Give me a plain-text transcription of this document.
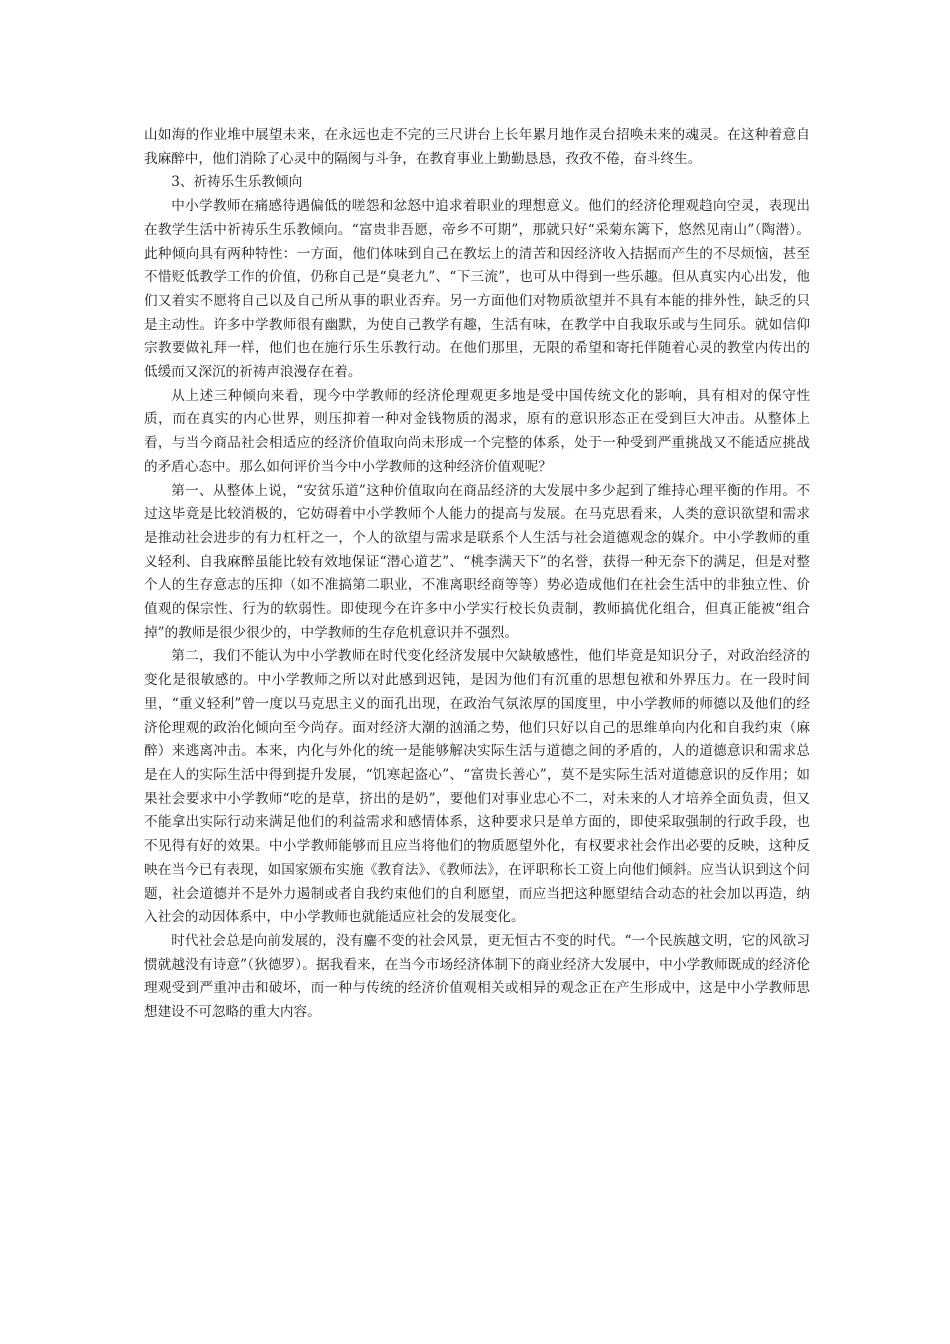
山如海的作业堆中展望未来，在永远也走不完的三尺讲台上长年累月地作灵台招唤未来的魂灵。在这种着意自我麻醉中，他们消除了心灵中的隔阂与斗争，在教育事业上勤勤恳恳，孜孜不倦，奋斗终生。

3、祈祷乐生乐教倾向

中小学教师在痛感待遇偏低的嗟怨和忿怒中追求着职业的理想意义。他们的经济伦理观趋向空灵，表现出在教学生活中祈祷乐生乐教倾向。“富贵非吾愿，帝乡不可期”，那就只好“采菊东篱下，悠然见南山”（陶潜）。此种倾向具有两种特性：一方面，他们体味到自己在教坛上的清苦和因经济收入拮据而产生的不尽烦恼，甚至不惜贬低教学工作的价值，仍称自己是“臭老九”、“下三流”，也可从中得到一些乐趣。但从真实内心出发，他们又着实不愿将自己以及自己所从事的职业否弃。另一方面他们对物质欲望并不具有本能的排外性，缺乏的只是主动性。许多中学教师很有幽默，为使自己教学有趣，生活有味，在教学中自我取乐或与生同乐。就如信仰宗教要做礼拜一样，他们也在施行乐生乐教行动。在他们那里，无限的希望和寄托伴随着心灵的教堂内传出的低缓而又深沉的祈祷声浪漫存在着。

从上述三种倾向来看，现今中学教师的经济伦理观更多地是受中国传统文化的影响，具有相对的保守性质，而在真实的内心世界，则压抑着一种对金钱物质的渴求，原有的意识形态正在受到巨大冲击。从整体上看，与当今商品社会相适应的经济价值取向尚未形成一个完整的体系，处于一种受到严重挑战又不能适应挑战的矛盾心态中。那么如何评价当今中小学教师的这种经济价值观呢？

第一、从整体上说，“安贫乐道”这种价值取向在商品经济的大发展中多少起到了维持心理平衡的作用。不过这毕竟是比较消极的，它妨碍着中小学教师个人能力的提高与发展。在马克思看来，人类的意识欲望和需求是推动社会进步的有力杠杆之一，个人的欲望与需求是联系个人生活与社会道德观念的媒介。中小学教师的重义轻利、自我麻醉虽能比较有效地保证“潜心道艺”、“桃李满天下”的名誉，获得一种无奈下的满足，但是对整个人的生存意志的压抑（如不准搞第二职业，不准离职经商等等）势必造成他们在社会生活中的非独立性、价值观的保宗性、行为的软弱性。即使现今在许多中小学实行校长负责制，教师搞优化组合，但真正能被“组合掉”的教师是很少很少的，中学教师的生存危机意识并不强烈。

第二，我们不能认为中小学教师在时代变化经济发展中欠缺敏感性，他们毕竟是知识分子，对政治经济的变化是很敏感的。中小学教师之所以对此感到迟钝，是因为他们有沉重的思想包袱和外界压力。在一段时间里，“重义轻利”曾一度以马克思主义的面孔出现，在政治气氛浓厚的国度里，中小学教师的师德以及他们的经济伦理观的政治化倾向至今尚存。面对经济大潮的汹涌之势，他们只好以自己的思维单向内化和自我约束（麻醉）来逃离冲击。本来，内化与外化的统一是能够解决实际生活与道德之间的矛盾的，人的道德意识和需求总是在人的实际生活中得到提升发展，“饥寒起盗心”、“富贵长善心”，莫不是实际生活对道德意识的反作用；如果社会要求中小学教师“吃的是草，挤出的是奶”，要他们对事业忠心不二，对未来的人才培养全面负责，但又不能拿出实际行动来满足他们的利益需求和感情体系，这种要求只是单方面的，即使采取强制的行政手段，也不见得有好的效果。中小学教师能够而且应当将他们的物质愿望外化，有权要求社会作出必要的反映，这种反映在当今已有表现，如国家颁布实施《教育法》、《教师法》，在评职称长工资上向他们倾斜。应当认识到这个问题，社会道德并不是外力遏制或者自我约束他们的自利愿望，而应当把这种愿望结合动态的社会加以再造，纳入社会的动因体系中，中小学教师也就能适应社会的发展变化。

时代社会总是向前发展的，没有鏖不变的社会风景，更无恒古不变的时代。“一个民族越文明，它的风欲习惯就越没有诗意”（狄德罗）。据我看来，在当今市场经济体制下的商业经济大发展中，中小学教师既成的经济伦理观受到严重冲击和破坏，而一种与传统的经济价值观相关或相异的观念正在产生形成中，这是中小学教师思想建设不可忽略的重大内容。
